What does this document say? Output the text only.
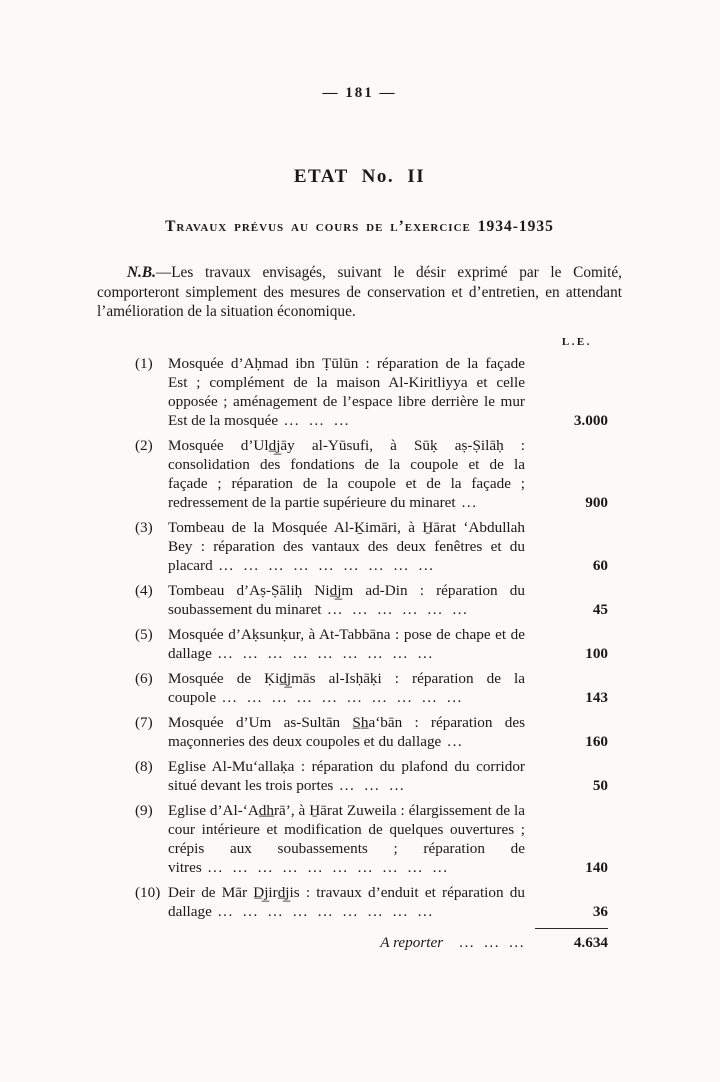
— 181 —
ETAT No. II
Travaux prévus au cours de l’exercice 1934-1935

N.B.—Les travaux envisagés, suivant le désir exprimé par le Comité, comporteront simplement des mesures de conservation et d’entretien, en attendant l’amélioration de la situation économique.

L.E.
(1)	Mosquée d’Aḥmad ibn Ṭūlūn : réparation de la façade Est ; complément de la maison Al-Kiritliyya et celle opposée ; aménagement de l’espace libre derrière le mur Est de la mosquée ... ... ...	3.000
(2)	Mosquée d’Uld̲j̲āy al-Yūsufi, à Sūḳ aṣ-Ṣilāḥ : consolidation des fondations de la coupole et de la façade ; réparation de la coupole et de la façade ; redressement de la partie supérieure du minaret ...	900
(3)	Tombeau de la Mosquée Al-Ḵimāri, à H̱ārat ‘Abdullah Bey : réparation des vantaux des deux fenêtres et du placard ... ... ... ... ... ... ... ... ...	60
(4)	Tombeau d’Aṣ-Ṣāliḥ Nid̲j̲m ad-Din : réparation du soubassement du minaret ... ... ... ... ... ...	45
(5)	Mosquée d’Aḳsunḳur, à At-Tabbāna : pose de chape et de dallage ... ... ... ... ... ... ... ... ...	100
(6)	Mosquée de Ḳid̲j̲mās al-Isḥāḳi : réparation de la coupole ... ... ... ... ... ... ... ... ... ...	143
(7)	Mosquée d’Um as-Sultān S̲h̲a‘bān : réparation des maçonneries des deux coupoles et du dallage ...	160
(8)	Eglise Al-Mu‘allaḳa : réparation du plafond du corridor situé devant les trois portes ... ... ...	50
(9)	Eglise d’Al-‘Ad̲h̲rā’, à H̱ārat Zuweila : élargissement de la cour intérieure et modification de quelques ouvertures ; crépis aux soubassements ; réparation de vitres ... ... ... ... ... ... ... ... ... ...	140
(10) Deir de Mār D̲j̲ird̲j̲is : travaux d’enduit et réparation du dallage ... ... ... ... ... ... ... ... ...	36
A reporter ... ... ...	4.634
